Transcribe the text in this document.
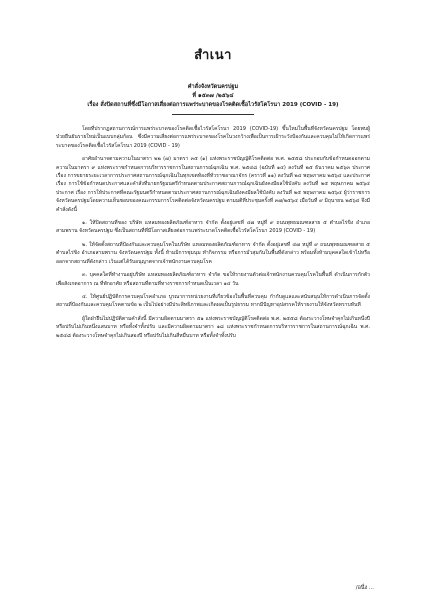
สำเนา
คำสั่งจังหวัดนครปฐม
ที่ ๑๕๓๗ /๒๕๖๔
เรื่อง สั่งปิดสถานที่ซึ่งมีโอกาสเสี่ยงต่อการแพร่ระบาดของโรคติดเชื้อไวรัสโคโรนา 2019 (COVID - 19)

โดยที่ปรากฏสถานการณ์การแพร่ระบาดของโรคติดเชื้อไวรัสโคโรนา 2019 (COVID-19) ขึ้นใหม่ในพื้นที่จังหวัดนครปฐม โดยพบผู้ป่วยยืนยันรายใหม่เป็นแบบกลุ่มก้อน ซึ่งมีความเสี่ยงต่อการแพร่ระบาดของโรคในวงกว้างเพื่อเป็นการเฝ้าระวังป้องกันและควบคุมไม่ให้เกิดการแพร่ระบาดของโรคติดเชื้อไวรัสโคโรนา 2019 (COVID - 19)

อาศัยอำนาจตามความในมาตรา ๒๒ (๗) มาตรา ๓๕ (๑) แห่งพระราชบัญญัติโรคติดต่อ พ.ศ. ๒๕๕๘ ประกอบกับข้อกำหนดออกตามความในมาตรา ๙ แห่งพระราชกำหนดการบริหารราชการในสถานการณ์ฉุกเฉิน พ.ศ. ๒๕๔๘ (ฉบับที่ ๑๔) ลงวันที่ ๒๕ ธันวาคม ๒๕๖๓ ประกาศ เรื่อง การขยายระยะเวลาการประกาศสถานการณ์ฉุกเฉินในทุกเขตท้องที่ทั่วราชอาณาจักร (คราวที่ ๑๑) ลงวันที่ ๒๔ พฤษภาคม ๒๕๖๔ และประกาศ เรื่อง การใช้ข้อกำหนดประกาศและคำสั่งที่นายกรัฐมนตรีกำหนดตามประกาศสถานการณ์ฉุกเฉินยังคงมีผลใช้บังคับ ลงวันที่ ๒๕ พฤษภาคม ๒๕๖๔ ประกาศ เรื่อง การให้ประกาศที่คณะรัฐมนตรีกำหนดตามประกาศสถานการณ์ฉุกเฉินยังคงมีผลใช้บังคับ ลงวันที่ ๒๕ พฤษภาคม ๒๕๖๔ ผู้ว่าราชการจังหวัดนครปฐมโดยความเห็นชอบของคณะกรรมการโรคติดต่อจังหวัดนครปฐม ตามมติที่ประชุมครั้งที่ ๓๗/๒๕๖๔ เมื่อวันที่ ๙ มิถุนายน ๒๕๖๔ จึงมีคำสั่งดังนี้

๑. ให้ปิดสถานที่ของ บริษัท แหลมทองผลิตภัณฑ์อาหาร จำกัด ตั้งอยู่เลขที่ ๔๗ หมู่ที่ ๙ ถนนพุทธมณฑลสาย ๕ ตำบลไร่ขิง อำเภอสามพราน จังหวัดนครปฐม ซึ่งเป็นสถานที่ที่มีโอกาสเสี่ยงต่อการแพร่ระบาดโรคติดเชื้อไวรัสโคโรนา 2019 (COVID - 19)

๒. ให้จัดตั้งสถานที่ป้องกันและควบคุมโรคในบริษัท แหลมทองผลิตภัณฑ์อาหาร จำกัด ตั้งอยู่เลขที่ ๔๗ หมู่ที่ ๙ ถนนพุทธมณฑลสาย ๕ ตำบลไร่ขิง อำเภอสามพราน จังหวัดนครปฐม ทั้งนี้ ห้ามมิการชุมนุม ทำกิจกรรม หรือการมั่วสุมกันในพื้นที่ดังกล่าว พร้อมทั้งห้ามบุคคลใดเข้าไปหรือออกจากสถานที่ดังกล่าว เว้นแต่ได้รับอนุญาตจากเจ้าพนักงานควบคุมโรค

๓. บุคคลใดที่ทำงานอยู่บริษัท แหลมทองผลิตภัณฑ์อาหาร จำกัด ขอให้รายงานตัวต่อเจ้าพนักงานควบคุมโรคในพื้นที่ ดำเนินการกักตัวเพื่อสังเกตอาการ ณ ที่พักอาศัย หรือสถานที่ตามที่ทางราชการกำหนดเป็นเวลา ๑๔ วัน

๔. ให้ศูนย์ปฏิบัติการควบคุมโรคอำเภอ บูรณาการหน่วยงานที่เกี่ยวข้องในพื้นที่ควบคุม กำกับดูแลและสนับสนุนให้การดำเนินการจัดตั้งสถานที่ป้องกันและควบคุมโรคตามข้อ ๒ เป็นไปอย่างมีประสิทธิภาพและเกิดผลเป็นรูปธรรม หากมีปัญหาอุปสรรคให้รายงานให้จังหวัดทราบทันที

ผู้ใดฝ่าฝืนไม่ปฏิบัติตามคำสั่งนี้ มีความผิดตามมาตรา ๕๑ แห่งพระราชบัญญัติโรคติดต่อ พ.ศ. ๒๕๕๘ ต้องระวางโทษจำคุกไม่เกินหนึ่งปี หรือปรับไม่เกินหนึ่งแสนบาท หรือทั้งจำทั้งปรับ และมีความผิดตามมาตรา ๑๘ แห่งพระราชกำหนดการบริหารราชการในสถานการณ์ฉุกเฉิน พ.ศ. ๒๕๔๘ ต้องระวางโทษจำคุกไม่เกินสองปี หรือปรับไม่เกินสี่หมื่นบาท หรือทั้งจำทั้งปรับ

/อนึ่ง ...
